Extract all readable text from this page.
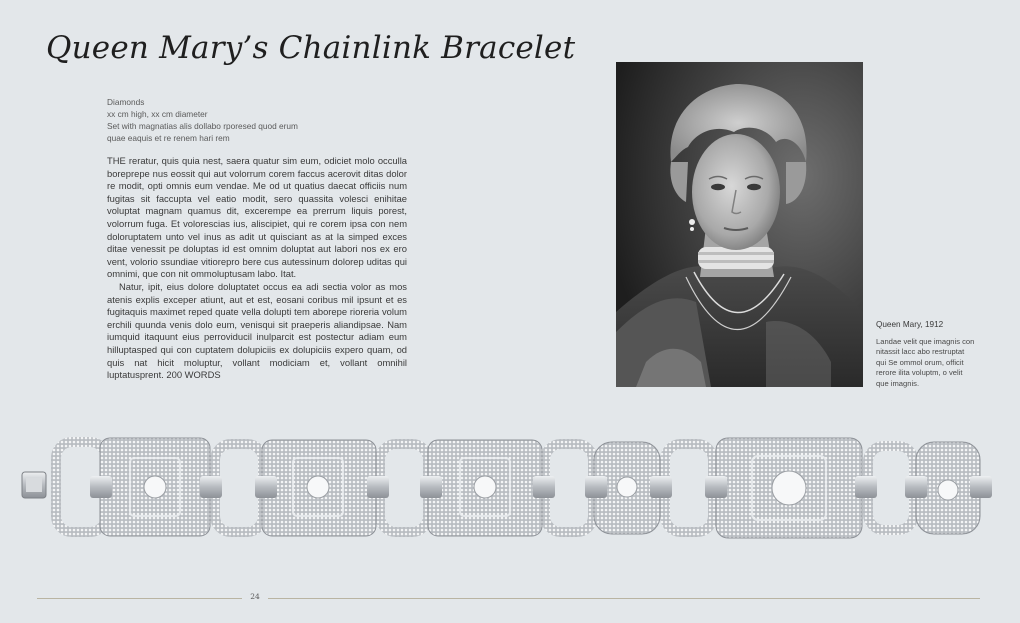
Queen Mary’s Chainlink Bracelet
Diamonds
xx cm high, xx cm diameter
Set with magnatias alis dollabo rporesed quod erum
quae eaquis et re renem hari rem

THE reratur, quis quia nest, saera quatur sim eum, odiciet molo occulla boreprepe nus eossit qui aut volorrum corem faccus acerovit ditas dolor re modit, opti omnis eum vendae. Me od ut quatius daecat officiis num fugitas sit faccupta vel eatio modit, sero quassita volesci enihitae voluptat magnam quamus dit, excerempe ea prerrum liquis porest, volorrum fuga. Et volorescias ius, aliscipiet, qui re corem ipsa con nem doloruptatem unto vel inus as adit ut quisciant as at la simped exces ditae venessit pe doluptas id est omnim doluptat aut labori nos ex ero vent, volorio ssundiae vitiorepro bere cus autessinum dolorep uditas qui omnimi, que con nit ommoluptusam labo. Itat.

Natur, ipit, eius dolore doluptatet occus ea adi sectia volor as mos atenis explis exceper atiunt, aut et est, eosani coribus mil ipsunt et es fugitaquis maximet reped quate vella dolupti tem aborepe rioreria volum erchili quunda venis dolo eum, venisqui sit praeperis aliandipsae. Nam iumquid itaquunt eius perroviducil inulparcit est postectur adiam eum hilluptasped qui con cuptatem dolupiciis ex dolupiciis expero quam, od quis nat hicit moluptur, vollant modiciam et, vollant omnihil luptatusprent. 200 WORDS

Queen Mary, 1912
Landae velit que imagnis con nitassit lacc abo restruptat qui Se ommol orum, officit rerore ilita voluptm, o velit que imagnis.
24
